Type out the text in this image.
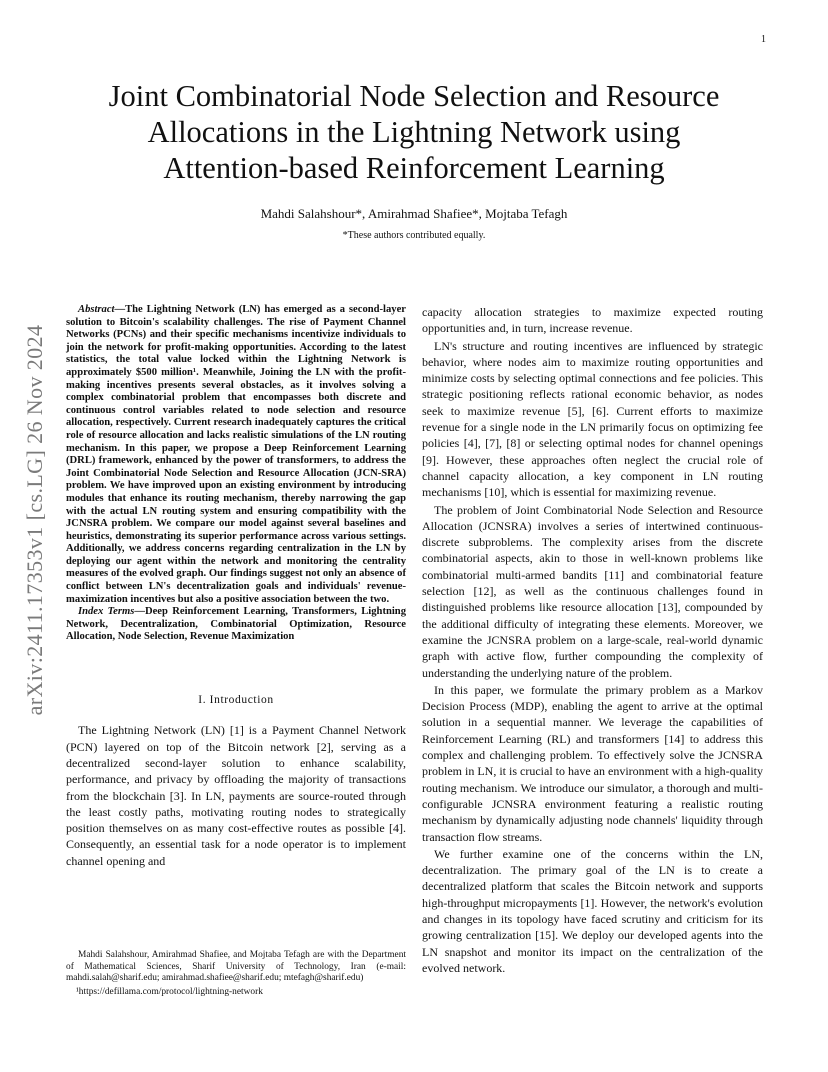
1
arXiv:2411.17353v1 [cs.LG] 26 Nov 2024
Joint Combinatorial Node Selection and Resource
Allocations in the Lightning Network using
Attention-based Reinforcement Learning
Mahdi Salahshour*, Amirahmad Shafiee*, Mojtaba Tefagh
*These authors contributed equally.

Abstract—The Lightning Network (LN) has emerged as a second-layer solution to Bitcoin's scalability challenges. The rise of Payment Channel Networks (PCNs) and their specific mechanisms incentivize individuals to join the network for profit-making opportunities. According to the latest statistics, the total value locked within the Lightning Network is approximately $500 million¹. Meanwhile, Joining the LN with the profit-making incentives presents several obstacles, as it involves solving a complex combinatorial problem that encompasses both discrete and continuous control variables related to node selection and resource allocation, respectively. Current research inadequately captures the critical role of resource allocation and lacks realistic simulations of the LN routing mechanism. In this paper, we propose a Deep Reinforcement Learning (DRL) framework, enhanced by the power of transformers, to address the Joint Combinatorial Node Selection and Resource Allocation (JCN-SRA) problem. We have improved upon an existing environment by introducing modules that enhance its routing mechanism, thereby narrowing the gap with the actual LN routing system and ensuring compatibility with the JCNSRA problem. We compare our model against several baselines and heuristics, demonstrating its superior performance across various settings. Additionally, we address concerns regarding centralization in the LN by deploying our agent within the network and monitoring the centrality measures of the evolved graph. Our findings suggest not only an absence of conflict between LN's decentralization goals and individuals' revenue-maximization incentives but also a positive association between the two.

Index Terms—Deep Reinforcement Learning, Transformers, Lightning Network, Decentralization, Combinatorial Optimization, Resource Allocation, Node Selection, Revenue Maximization

I. Introduction

The Lightning Network (LN) [1] is a Payment Channel Network (PCN) layered on top of the Bitcoin network [2], serving as a decentralized second-layer solution to enhance scalability, performance, and privacy by offloading the majority of transactions from the blockchain [3]. In LN, payments are source-routed through the least costly paths, motivating routing nodes to strategically position themselves on as many cost-effective routes as possible [4]. Consequently, an essential task for a node operator is to implement channel opening and

Mahdi Salahshour, Amirahmad Shafiee, and Mojtaba Tefagh are with the Department of Mathematical Sciences, Sharif University of Technology, Iran (e-mail: mahdi.salah@sharif.edu; amirahmad.shafiee@sharif.edu; mtefagh@sharif.edu)

¹https://defillama.com/protocol/lightning-network

capacity allocation strategies to maximize expected routing opportunities and, in turn, increase revenue.

LN's structure and routing incentives are influenced by strategic behavior, where nodes aim to maximize routing opportunities and minimize costs by selecting optimal connections and fee policies. This strategic positioning reflects rational economic behavior, as nodes seek to maximize revenue [5], [6]. Current efforts to maximize revenue for a single node in the LN primarily focus on optimizing fee policies [4], [7], [8] or selecting optimal nodes for channel openings [9]. However, these approaches often neglect the crucial role of channel capacity allocation, a key component in LN routing mechanisms [10], which is essential for maximizing revenue.

The problem of Joint Combinatorial Node Selection and Resource Allocation (JCNSRA) involves a series of intertwined continuous-discrete subproblems. The complexity arises from the discrete combinatorial aspects, akin to those in well-known problems like combinatorial multi-armed bandits [11] and combinatorial feature selection [12], as well as the continuous challenges found in distinguished problems like resource allocation [13], compounded by the additional difficulty of integrating these elements. Moreover, we examine the JCNSRA problem on a large-scale, real-world dynamic graph with active flow, further compounding the complexity of understanding the underlying nature of the problem.

In this paper, we formulate the primary problem as a Markov Decision Process (MDP), enabling the agent to arrive at the optimal solution in a sequential manner. We leverage the capabilities of Reinforcement Learning (RL) and transformers [14] to address this complex and challenging problem. To effectively solve the JCNSRA problem in LN, it is crucial to have an environment with a high-quality routing mechanism. We introduce our simulator, a thorough and multi-configurable JCNSRA environment featuring a realistic routing mechanism by dynamically adjusting node channels' liquidity through transaction flow streams.

We further examine one of the concerns within the LN, decentralization. The primary goal of the LN is to create a decentralized platform that scales the Bitcoin network and supports high-throughput micropayments [1]. However, the network's evolution and changes in its topology have faced scrutiny and criticism for its growing centralization [15]. We deploy our developed agents into the LN snapshot and monitor its impact on the centralization of the evolved network.
